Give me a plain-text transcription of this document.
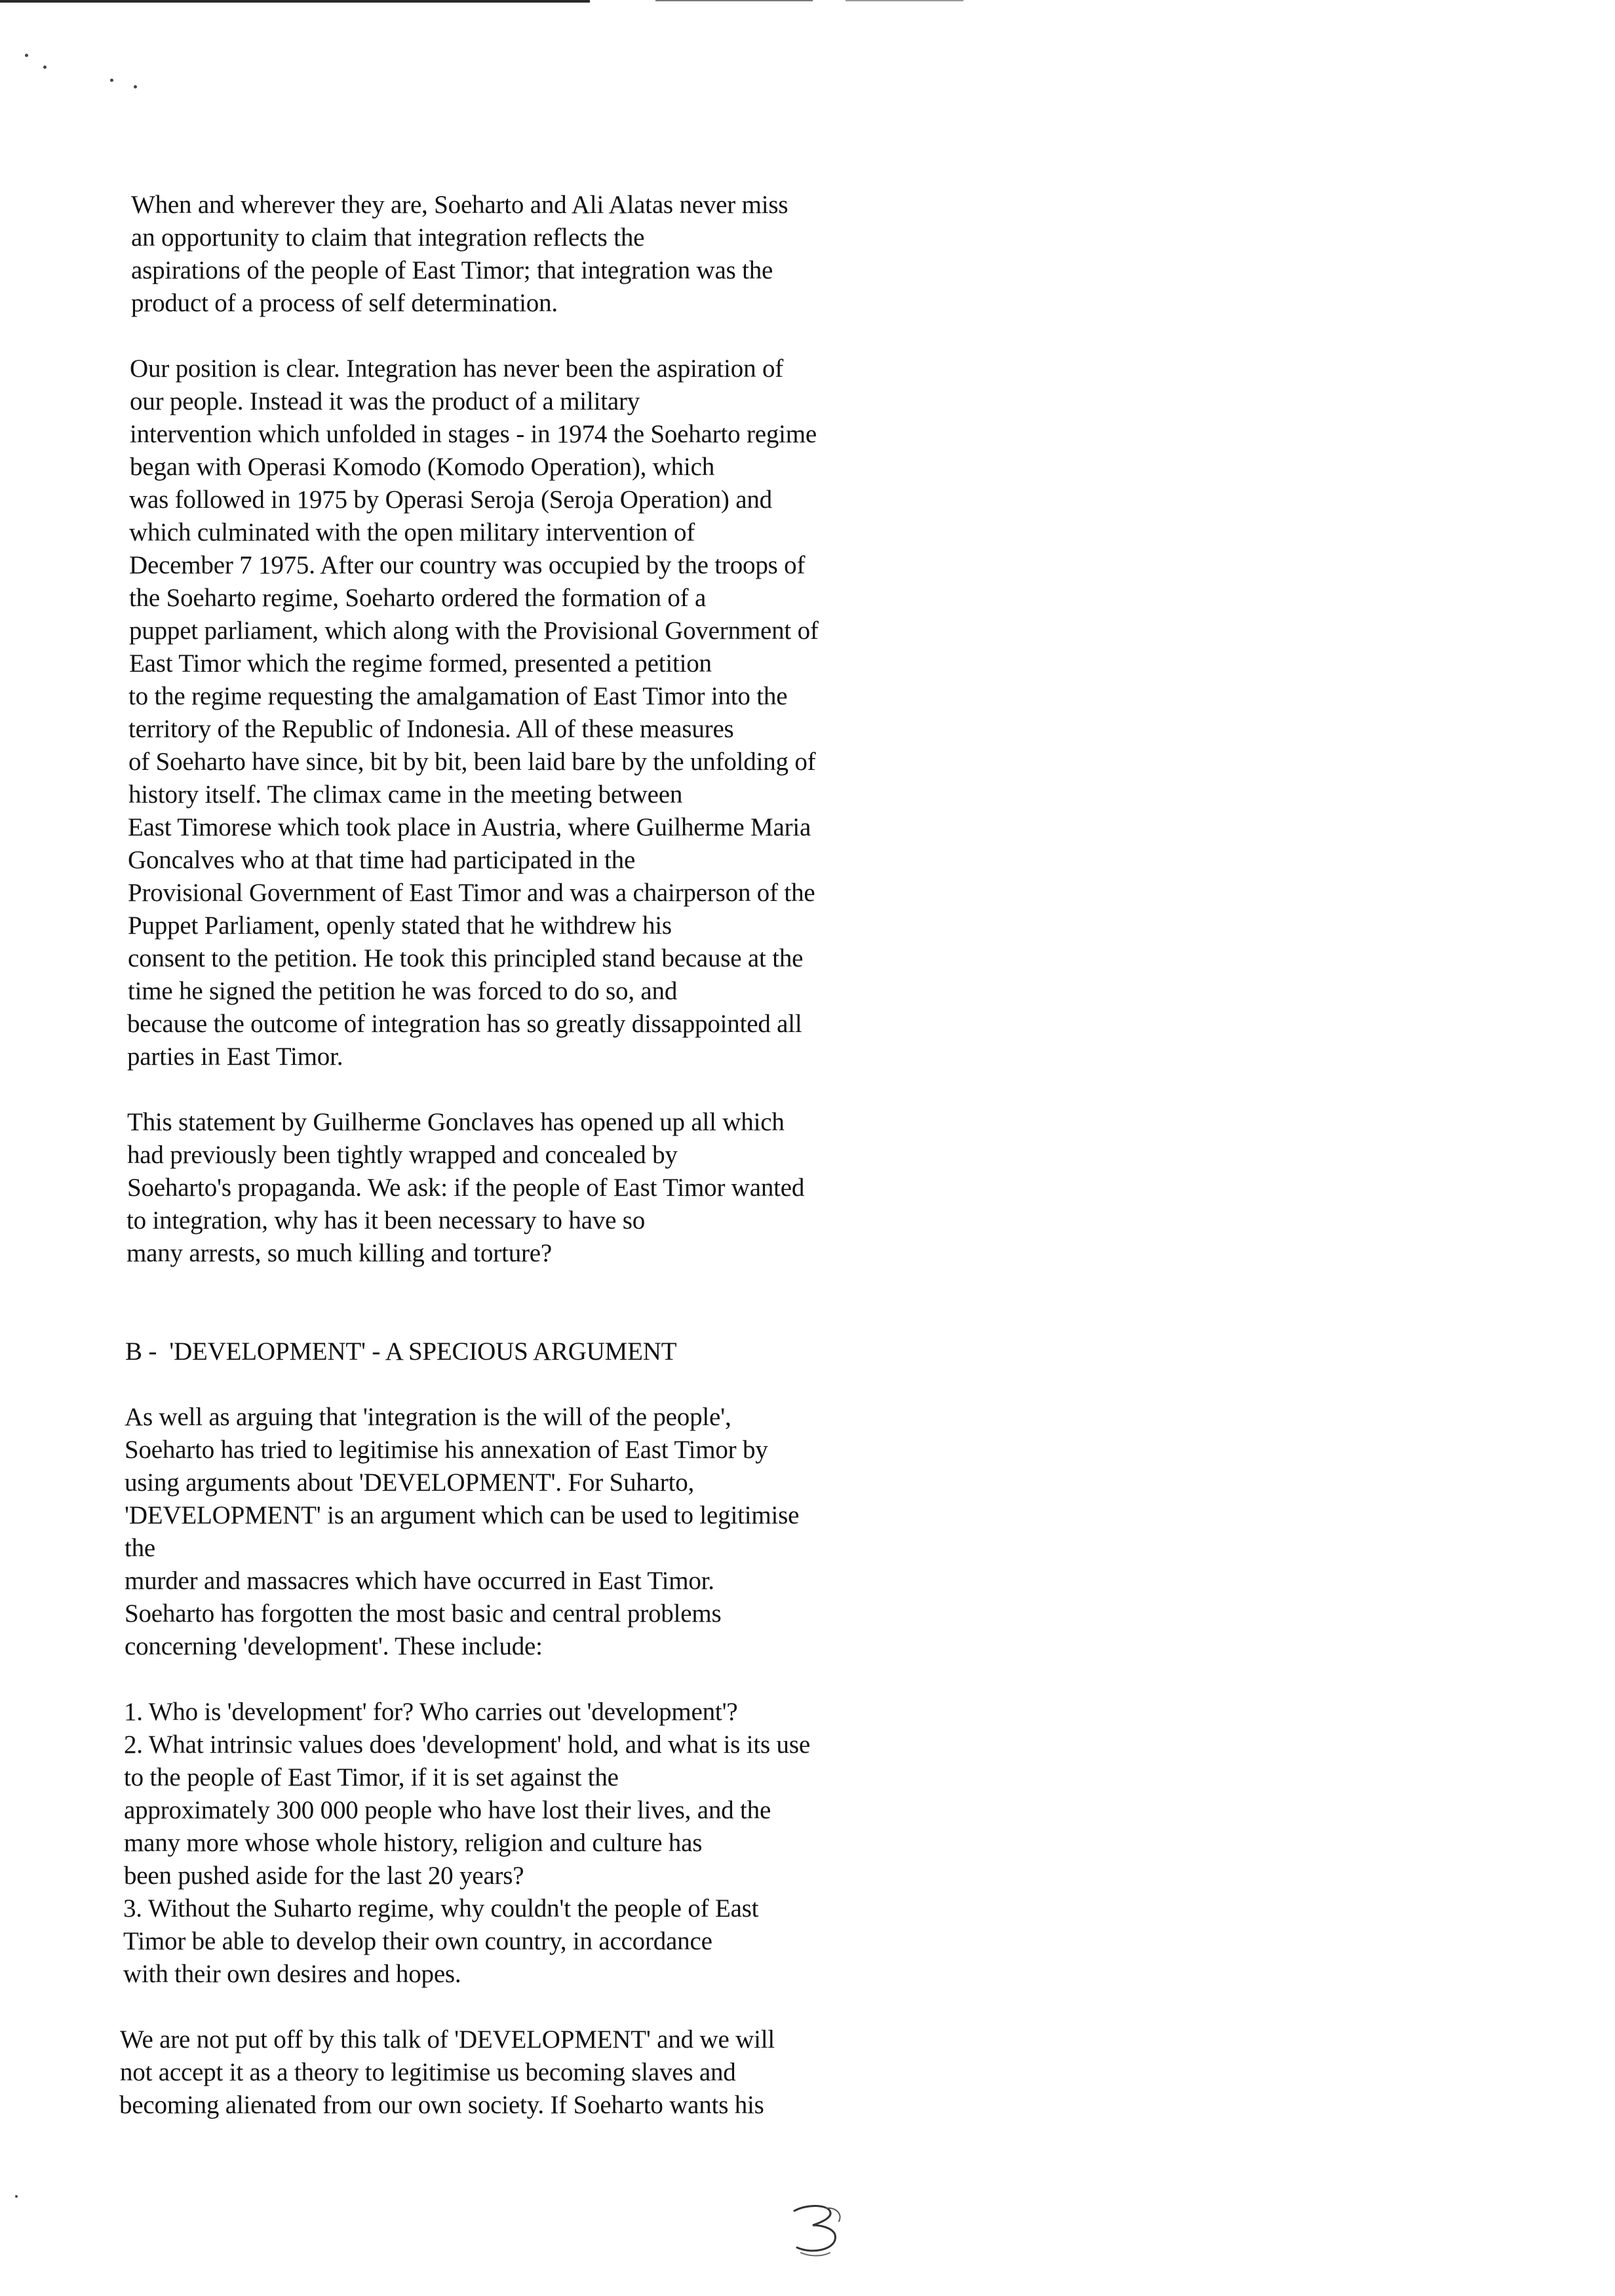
When and wherever they are, Soeharto and Ali Alatas never miss
an opportunity to claim that integration reflects the
aspirations of the people of East Timor; that integration was the
product of a process of self determination.
Our position is clear. Integration has never been the aspiration of
our people. Instead it was the product of a military
intervention which unfolded in stages - in 1974 the Soeharto regime
began with Operasi Komodo (Komodo Operation), which
was followed in 1975 by Operasi Seroja (Seroja Operation) and
which culminated with the open military intervention of
December 7 1975. After our country was occupied by the troops of
the Soeharto regime, Soeharto ordered the formation of a
puppet parliament, which along with the Provisional Government of
East Timor which the regime formed, presented a petition
to the regime requesting the amalgamation of East Timor into the
territory of the Republic of Indonesia. All of these measures
of Soeharto have since, bit by bit, been laid bare by the unfolding of
history itself. The climax came in the meeting between
East Timorese which took place in Austria, where Guilherme Maria
Goncalves who at that time had participated in the
Provisional Government of East Timor and was a chairperson of the
Puppet Parliament, openly stated that he withdrew his
consent to the petition. He took this principled stand because at the
time he signed the petition he was forced to do so, and
because the outcome of integration has so greatly dissappointed all
parties in East Timor.
This statement by Guilherme Gonclaves has opened up all which
had previously been tightly wrapped and concealed by
Soeharto's propaganda. We ask: if the people of East Timor wanted
to integration, why has it been necessary to have so
many arrests, so much killing and torture?
B -  'DEVELOPMENT' - A SPECIOUS ARGUMENT
As well as arguing that 'integration is the will of the people',
Soeharto has tried to legitimise his annexation of East Timor by
using arguments about 'DEVELOPMENT'. For Suharto,
'DEVELOPMENT' is an argument which can be used to legitimise
the
murder and massacres which have occurred in East Timor.
Soeharto has forgotten the most basic and central problems
concerning 'development'. These include:
1. Who is 'development' for? Who carries out 'development'?
2. What intrinsic values does 'development' hold, and what is its use
to the people of East Timor, if it is set against the
approximately 300 000 people who have lost their lives, and the
many more whose whole history, religion and culture has
been pushed aside for the last 20 years?
3. Without the Suharto regime, why couldn't the people of East
Timor be able to develop their own country, in accordance
with their own desires and hopes.
We are not put off by this talk of 'DEVELOPMENT' and we will
not accept it as a theory to legitimise us becoming slaves and
becoming alienated from our own society. If Soeharto wants his
